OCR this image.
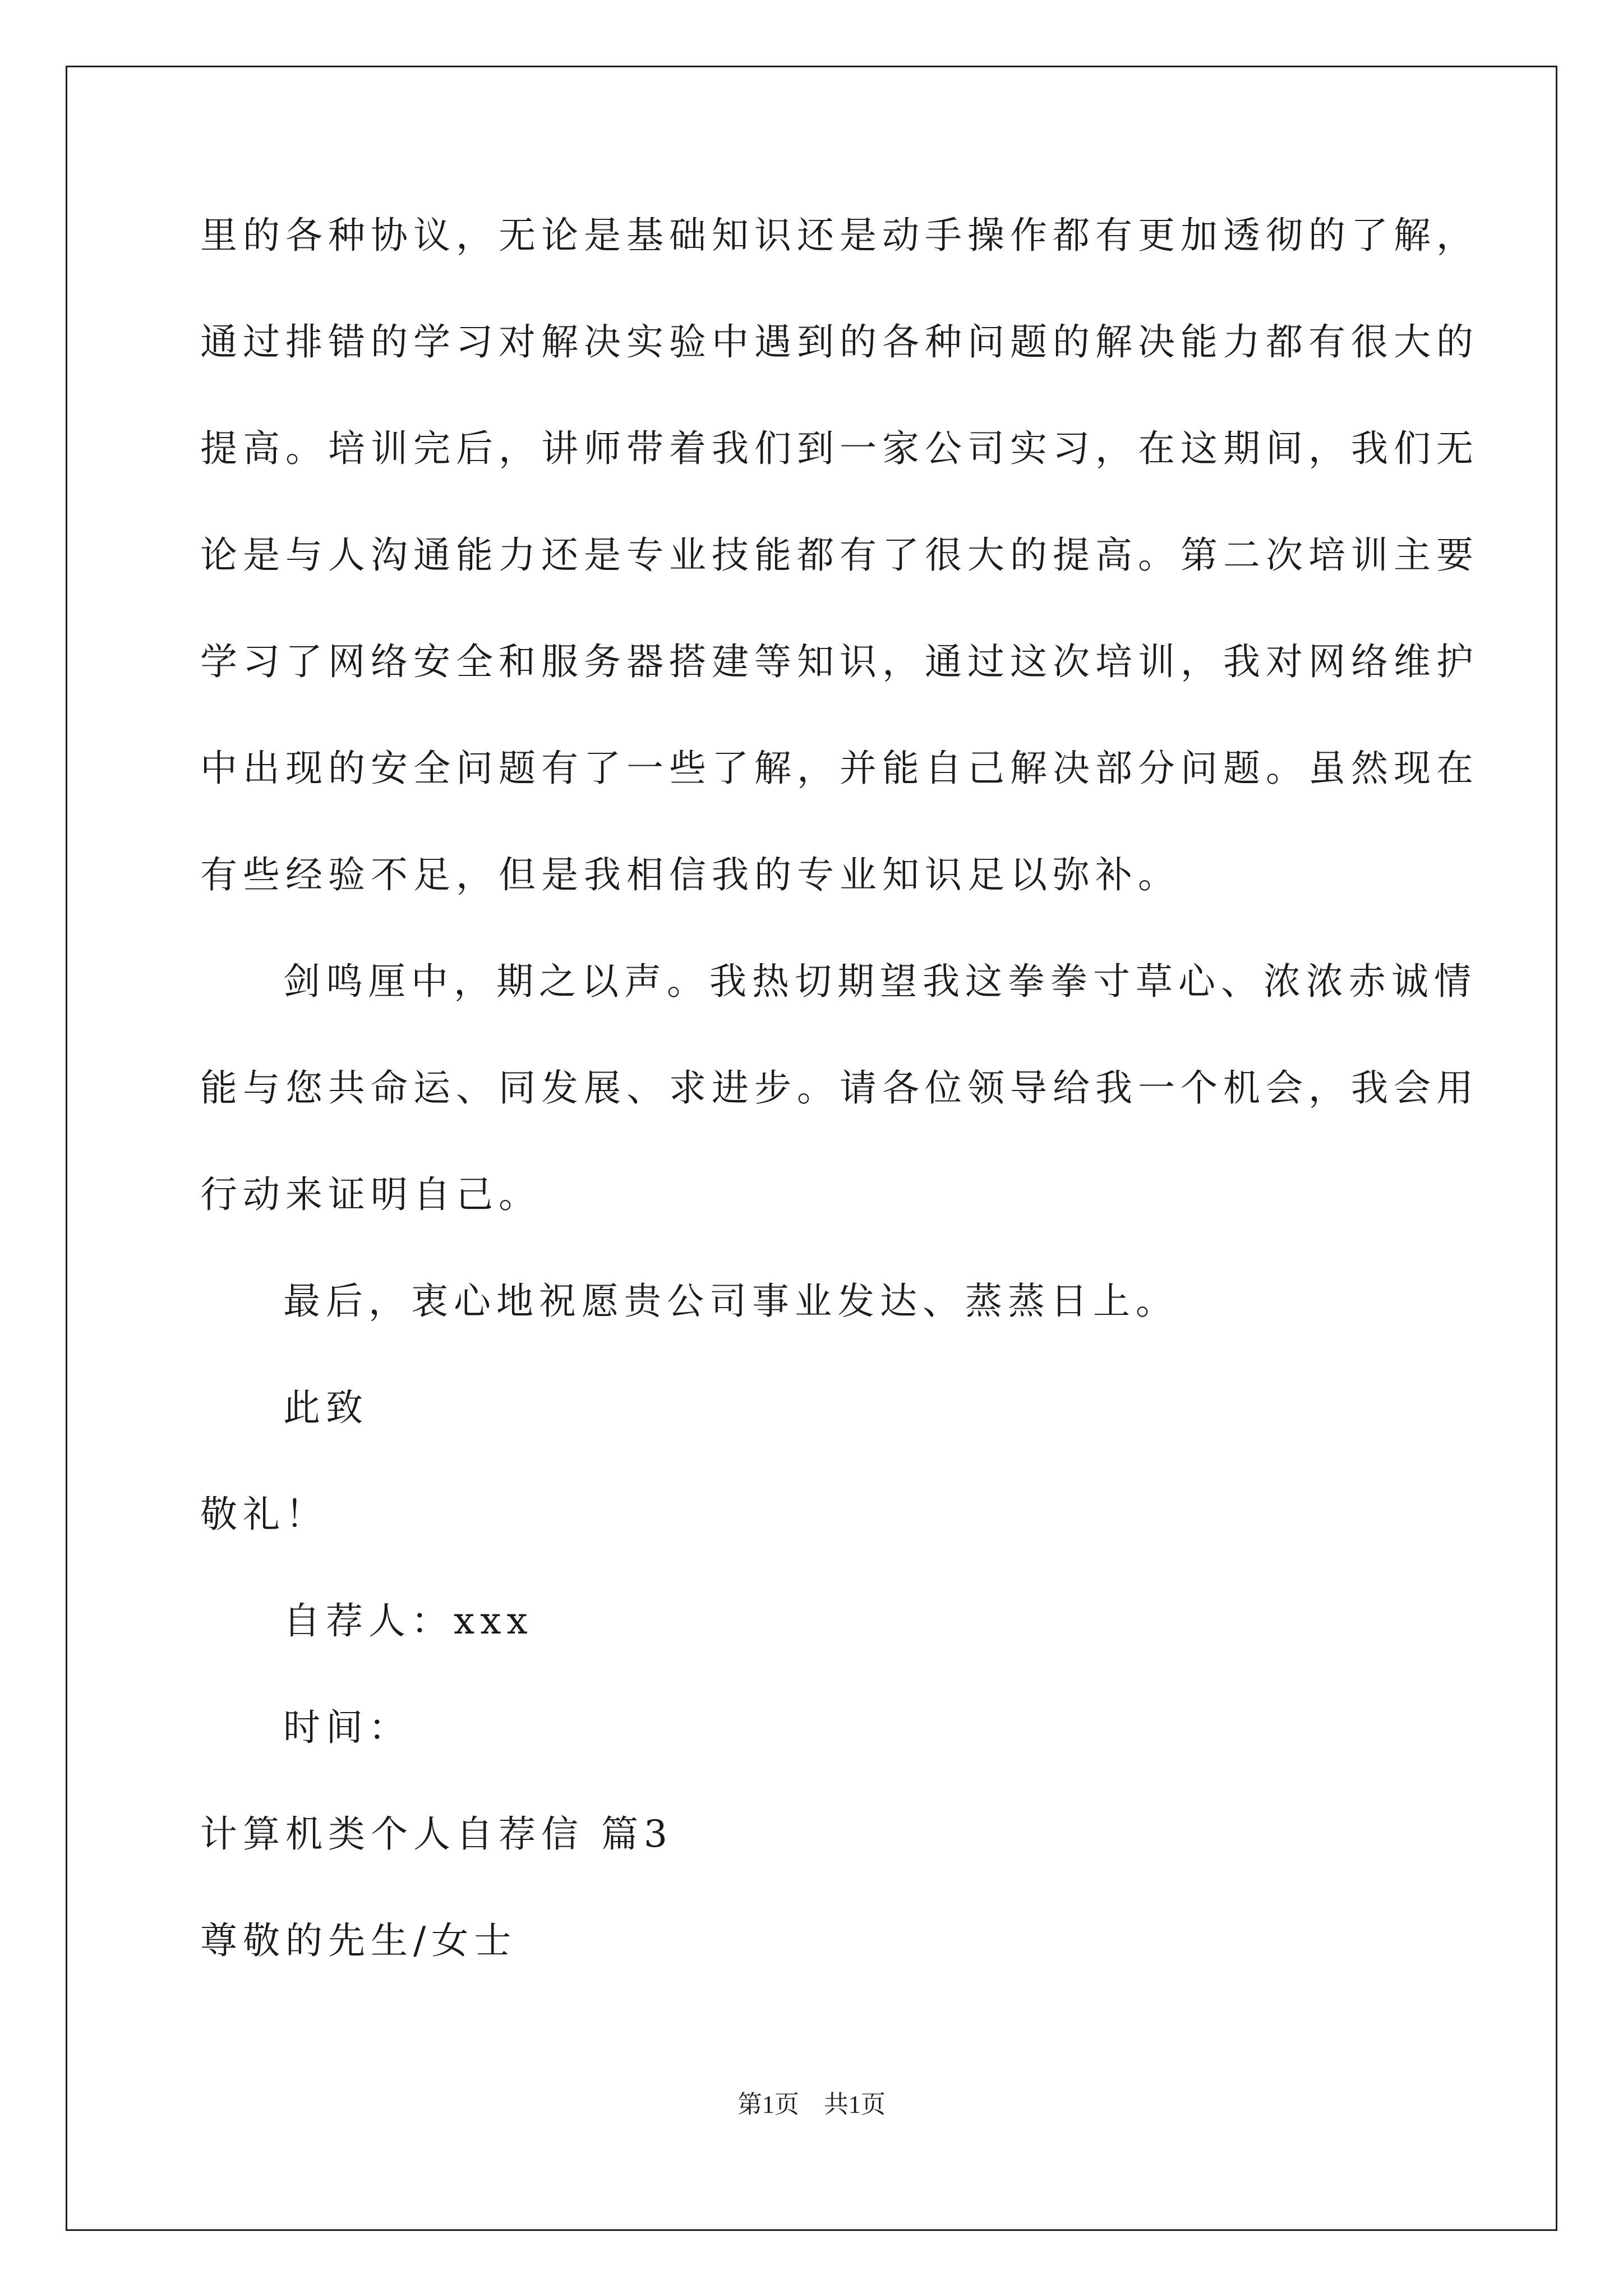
里的各种协议，无论是基础知识还是动手操作都有更加透彻的了解，
通过排错的学习对解决实验中遇到的各种问题的解决能力都有很大的
提高。培训完后，讲师带着我们到一家公司实习，在这期间，我们无
论是与人沟通能力还是专业技能都有了很大的提高。第二次培训主要
学习了网络安全和服务器搭建等知识，通过这次培训，我对网络维护
中出现的安全问题有了一些了解，并能自己解决部分问题。虽然现在
有些经验不足，但是我相信我的专业知识足以弥补。
剑鸣厘中，期之以声。我热切期望我这拳拳寸草心、浓浓赤诚情
能与您共命运、同发展、求进步。请各位领导给我一个机会，我会用
行动来证明自己。
最后，衷心地祝愿贵公司事业发达、蒸蒸日上。
此致
敬礼！
自荐人：xxx
时间：
计算机类个人自荐信 篇3
尊敬的先生/女士
第1页　共1页
